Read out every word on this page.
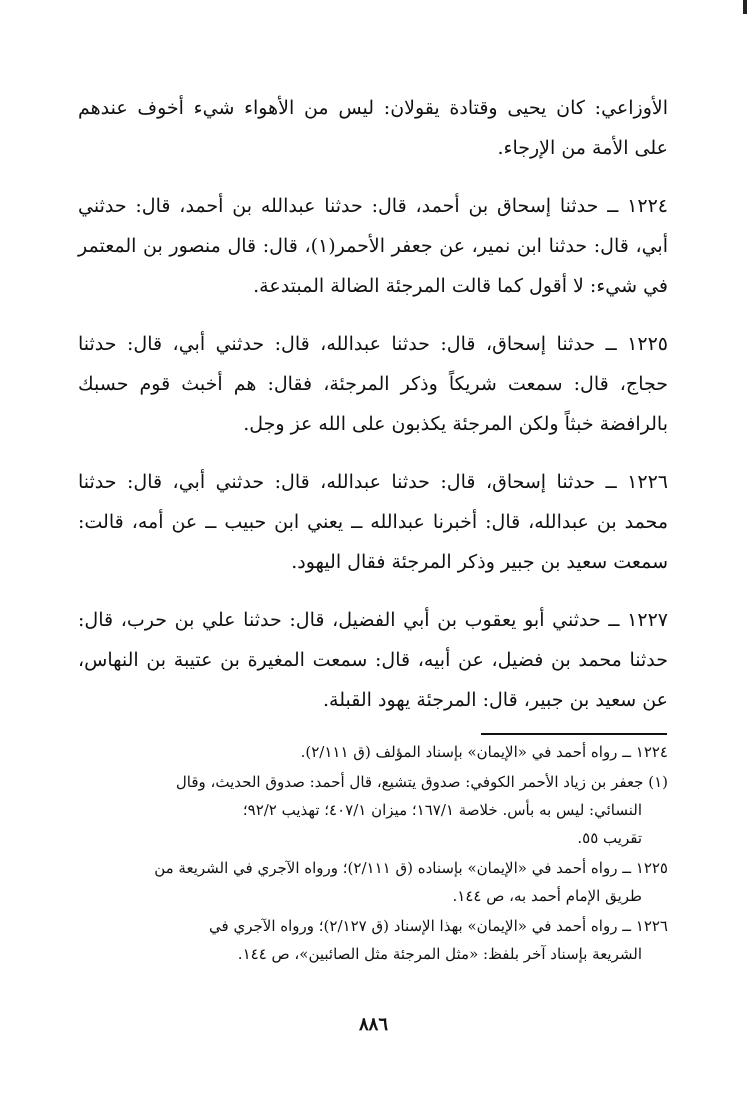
الأوزاعي: كان يحيى وقتادة يقولان: ليس من الأهواء شيء أخوف عندهم على الأمة من الإرجاء.

١٢٢٤ ــ حدثنا إسحاق بن أحمد، قال: حدثنا عبدالله بن أحمد، قال: حدثني أبي، قال: حدثنا ابن نمير، عن جعفر الأحمر(١)، قال: قال منصور بن المعتمر في شيء: لا أقول كما قالت المرجئة الضالة المبتدعة.

١٢٢٥ ــ حدثنا إسحاق، قال: حدثنا عبدالله، قال: حدثني أبي، قال: حدثنا حجاج، قال: سمعت شريكاً وذكر المرجئة، فقال: هم أخبث قوم حسبك بالرافضة خبثاً ولكن المرجئة يكذبون على الله عز وجل.

١٢٢٦ ــ حدثنا إسحاق، قال: حدثنا عبدالله، قال: حدثني أبي، قال: حدثنا محمد بن عبدالله، قال: أخبرنا عبدالله ــ يعني ابن حبيب ــ عن أمه، قالت: سمعت سعيد بن جبير وذكر المرجئة فقال اليهود.

١٢٢٧ ــ حدثني أبو يعقوب بن أبي الفضيل، قال: حدثنا علي بن حرب، قال: حدثنا محمد بن فضيل، عن أبيه، قال: سمعت المغيرة بن عتيبة بن النهاس، عن سعيد بن جبير، قال: المرجئة يهود القبلة.

١٢٢٤ ــ رواه أحمد في «الإيمان» بإسناد المؤلف (ق ٢/١١١).

(١) جعفر بن زياد الأحمر الكوفي: صدوق يتشيع، قال أحمد: صدوق الحديث، وقال
النسائي: ليس به بأس. خلاصة ١٦٧/١؛ ميزان ٤٠٧/١؛ تهذيب ٩٢/٢؛
تقريب ٥٥.

١٢٢٥ ــ رواه أحمد في «الإيمان» بإسناده (ق ٢/١١١)؛ ورواه الآجري في الشريعة من
طريق الإمام أحمد به، ص ١٤٤.

١٢٢٦ ــ رواه أحمد في «الإيمان» بهذا الإسناد (ق ٢/١٢٧)؛ ورواه الآجري في
الشريعة بإسناد آخر بلفظ: «مثل المرجئة مثل الصائبين»، ص ١٤٤.

٨٨٦
